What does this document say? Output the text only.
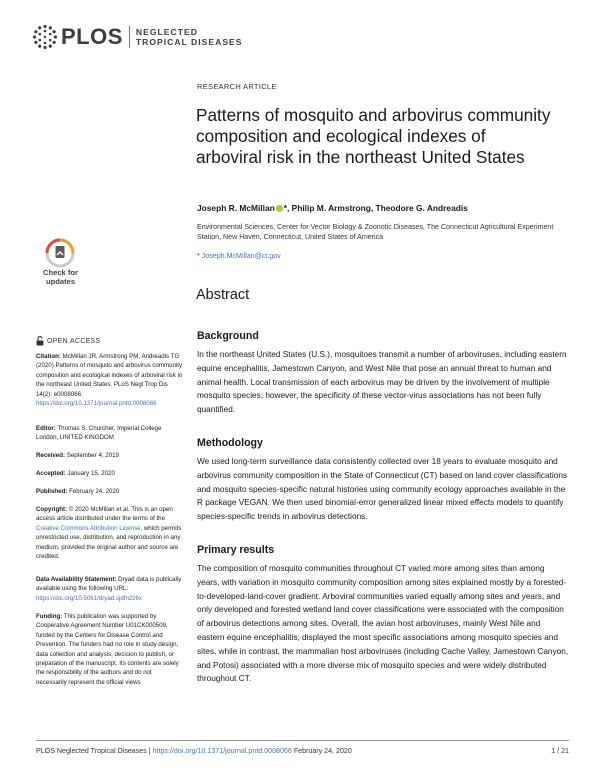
PLOS NEGLECTED
TROPICAL DISEASES
RESEARCH ARTICLE
Patterns of mosquito and arbovirus community composition and ecological indexes of arboviral risk in the northeast United States
Joseph R. McMillan *, Philip M. Armstrong, Theodore G. Andreadis
Environmental Sciences, Center for Vector Biology & Zoonotic Diseases, The Connecticut Agricultural Experiment Station, New Haven, Connecticut, United States of America
* Joseph.McMillan@ct.gov
Check for
updates
Abstract
Background

In the northeast United States (U.S.), mosquitoes transmit a number of arboviruses, including eastern equine encephalitis, Jamestown Canyon, and West Nile that pose an annual threat to human and animal health. Local transmission of each arbovirus may be driven by the involvement of multiple mosquito species; however, the specificity of these vector-virus associations has not been fully quantified.

Methodology

We used long-term surveillance data consistently collected over 18 years to evaluate mosquito and arbovirus community composition in the State of Connecticut (CT) based on land cover classifications and mosquito species-specific natural histories using community ecology approaches available in the R package VEGAN. We then used binomial-error generalized linear mixed effects models to quantify species-specific trends in arbovirus detections.

Primary results

The composition of mosquito communities throughout CT varied more among sites than among years, with variation in mosquito community composition among sites explained mostly by a forested-to-developed-land-cover gradient. Arboviral communities varied equally among sites and years, and only developed and forested wetland land cover classifications were associated with the composition of arbovirus detections among sites. Overall, the avian host arboviruses, mainly West Nile and eastern equine encephalitis, displayed the most specific associations among mosquito species and sites, while in contrast, the mammalian host arboviruses (including Cache Valley, Jamestown Canyon, and Potosi) associated with a more diverse mix of mosquito species and were widely distributed throughout CT.

OPEN ACCESS
Citation: McMillan JR, Armstrong PM, Andreadis TG (2020) Patterns of mosquito and arbovirus community composition and ecological indexes of arboviral risk in the northeast United States. PLoS Negl Trop Dis 14(2): e0008066. https://doi.org/10.1371/journal.pntd.0008066
Editor: Thomas S. Churcher, Imperial College London, UNITED KINGDOM
Received: September 4, 2019
Accepted: January 15, 2020
Published: February 24, 2020
Copyright: © 2020 McMillan et al. This is an open access article distributed under the terms of the Creative Commons Attribution License, which permits unrestricted use, distribution, and reproduction in any medium, provided the original author and source are credited.
Data Availability Statement: Dryad data is publically available using the following URL: https://doi.org/10.5061/dryad.sjdfn2z6x
Funding: This publication was supported by Cooperative Agreement Number U01CK000509, funded by the Centers for Disease Control and Prevention. The funders had no role in study design, data collection and analysis, decision to publish, or preparation of the manuscript. Its contents are solely the responsibility of the authors and do not necessarily represent the official views
PLOS Neglected Tropical Diseases | https://doi.org/10.1371/journal.pntd.0008066 February 24, 2020	1 / 21
